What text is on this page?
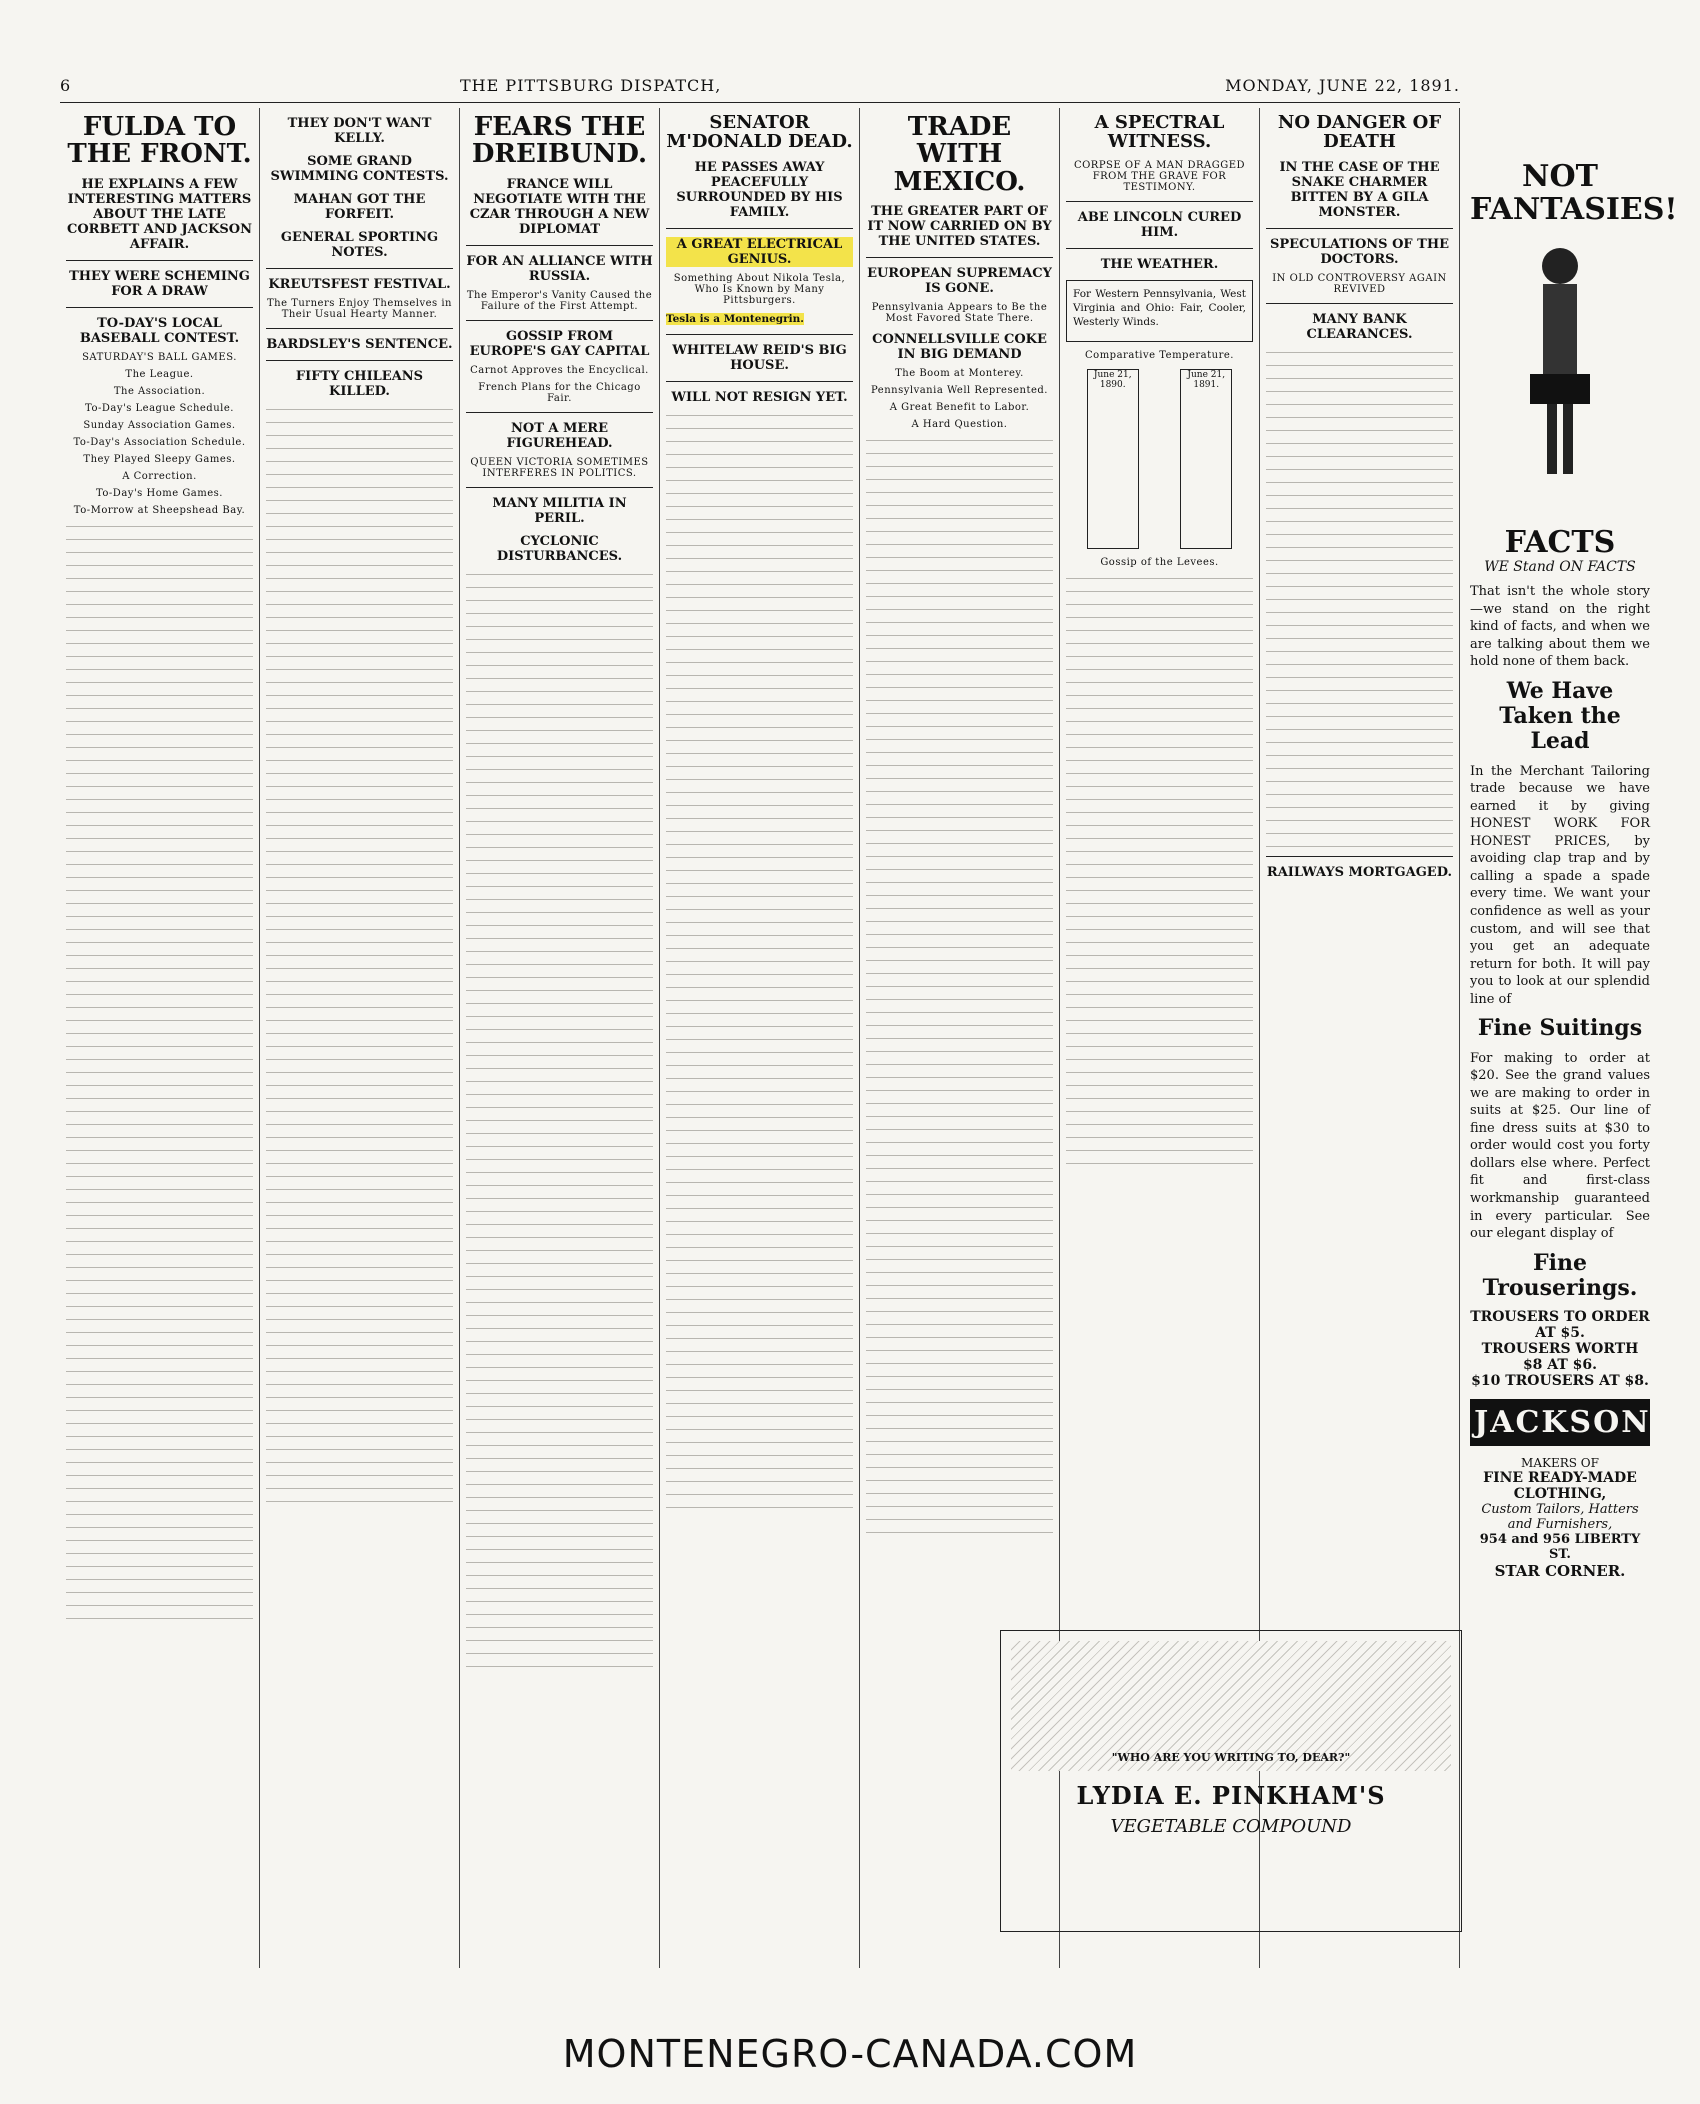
6	THE PITTSBURG DISPATCH,	MONDAY, JUNE 22, 1891.
FULDA TO THE FRONT.
HE EXPLAINS A FEW INTERESTING MATTERS ABOUT THE LATE CORBETT AND JACKSON AFFAIR.
THEY WERE SCHEMING FOR A DRAW
TO-DAY'S LOCAL BASEBALL CONTEST.
SATURDAY'S BALL GAMES.
The League.
The Association.
To-Day's League Schedule.
Sunday Association Games.
To-Day's Association Schedule.
They Played Sleepy Games.
A Correction.
To-Day's Home Games.
To-Morrow at Sheepshead Bay.
THEY DON'T WANT KELLY.
SOME GRAND SWIMMING CONTESTS.
MAHAN GOT THE FORFEIT.
GENERAL SPORTING NOTES.
KREUTSFEST FESTIVAL.
The Turners Enjoy Themselves in Their Usual Hearty Manner.
BARDSLEY'S SENTENCE.
FIFTY CHILEANS KILLED.
FEARS THE DREIBUND.
FRANCE WILL NEGOTIATE WITH THE CZAR THROUGH A NEW DIPLOMAT
FOR AN ALLIANCE WITH RUSSIA.
The Emperor's Vanity Caused the Failure of the First Attempt.
GOSSIP FROM EUROPE'S GAY CAPITAL
Carnot Approves the Encyclical.
French Plans for the Chicago Fair.
NOT A MERE FIGUREHEAD.
QUEEN VICTORIA SOMETIMES INTERFERES IN POLITICS.
MANY MILITIA IN PERIL.
CYCLONIC DISTURBANCES.
SENATOR M'DONALD DEAD.
HE PASSES AWAY PEACEFULLY SURROUNDED BY HIS FAMILY.
A GREAT ELECTRICAL GENIUS.
Something About Nikola Tesla, Who Is Known by Many Pittsburgers.

Tesla is a Montenegrin.

WHITELAW REID'S BIG HOUSE.
WILL NOT RESIGN YET.
TRADE WITH MEXICO.
THE GREATER PART OF IT NOW CARRIED ON BY THE UNITED STATES.
EUROPEAN SUPREMACY IS GONE.
Pennsylvania Appears to Be the Most Favored State There.
CONNELLSVILLE COKE IN BIG DEMAND
The Boom at Monterey.
Pennsylvania Well Represented.
A Great Benefit to Labor.
A Hard Question.
A SPECTRAL WITNESS.
CORPSE OF A MAN DRAGGED FROM THE GRAVE FOR TESTIMONY.
ABE LINCOLN CURED HIM.
THE WEATHER.

For Western Pennsylvania, West Virginia and Ohio: Fair, Cooler, Westerly Winds.

Comparative Temperature.
June 21, 1890.
June 21, 1891.
Gossip of the Levees.
NO DANGER OF DEATH
IN THE CASE OF THE SNAKE CHARMER BITTEN BY A GILA MONSTER.
SPECULATIONS OF THE DOCTORS.
IN OLD CONTROVERSY AGAIN REVIVED
MANY BANK CLEARANCES.
RAILWAYS MORTGAGED.
NOT
FANTASIES!
FACTS
WE Stand ON FACTS
That isn't the whole story—we stand on the right kind of facts, and when we are talking about them we hold none of them back.
We Have Taken the Lead
In the Merchant Tailoring trade because we have earned it by giving HONEST WORK FOR HONEST PRICES, by avoiding clap trap and by calling a spade a spade every time. We want your confidence as well as your custom, and will see that you get an adequate return for both. It will pay you to look at our splendid line of
Fine Suitings
For making to order at $20. See the grand values we are making to order in suits at $25. Our line of fine dress suits at $30 to order would cost you forty dollars else where. Perfect fit and first-class workmanship guaranteed in every particular. See our elegant display of
Fine Trouserings.
TROUSERS TO ORDER AT $5.
TROUSERS WORTH $8 AT $6.
$10 TROUSERS AT $8.
JACKSONS
MAKERS OF
FINE READY-MADE CLOTHING,
Custom Tailors, Hatters and Furnishers,
954 and 956 LIBERTY ST.
STAR CORNER.
"WHO ARE YOU WRITING TO, DEAR?"
LYDIA E. PINKHAM'S
VEGETABLE COMPOUND
MONTENEGRO-CANADA.COM
